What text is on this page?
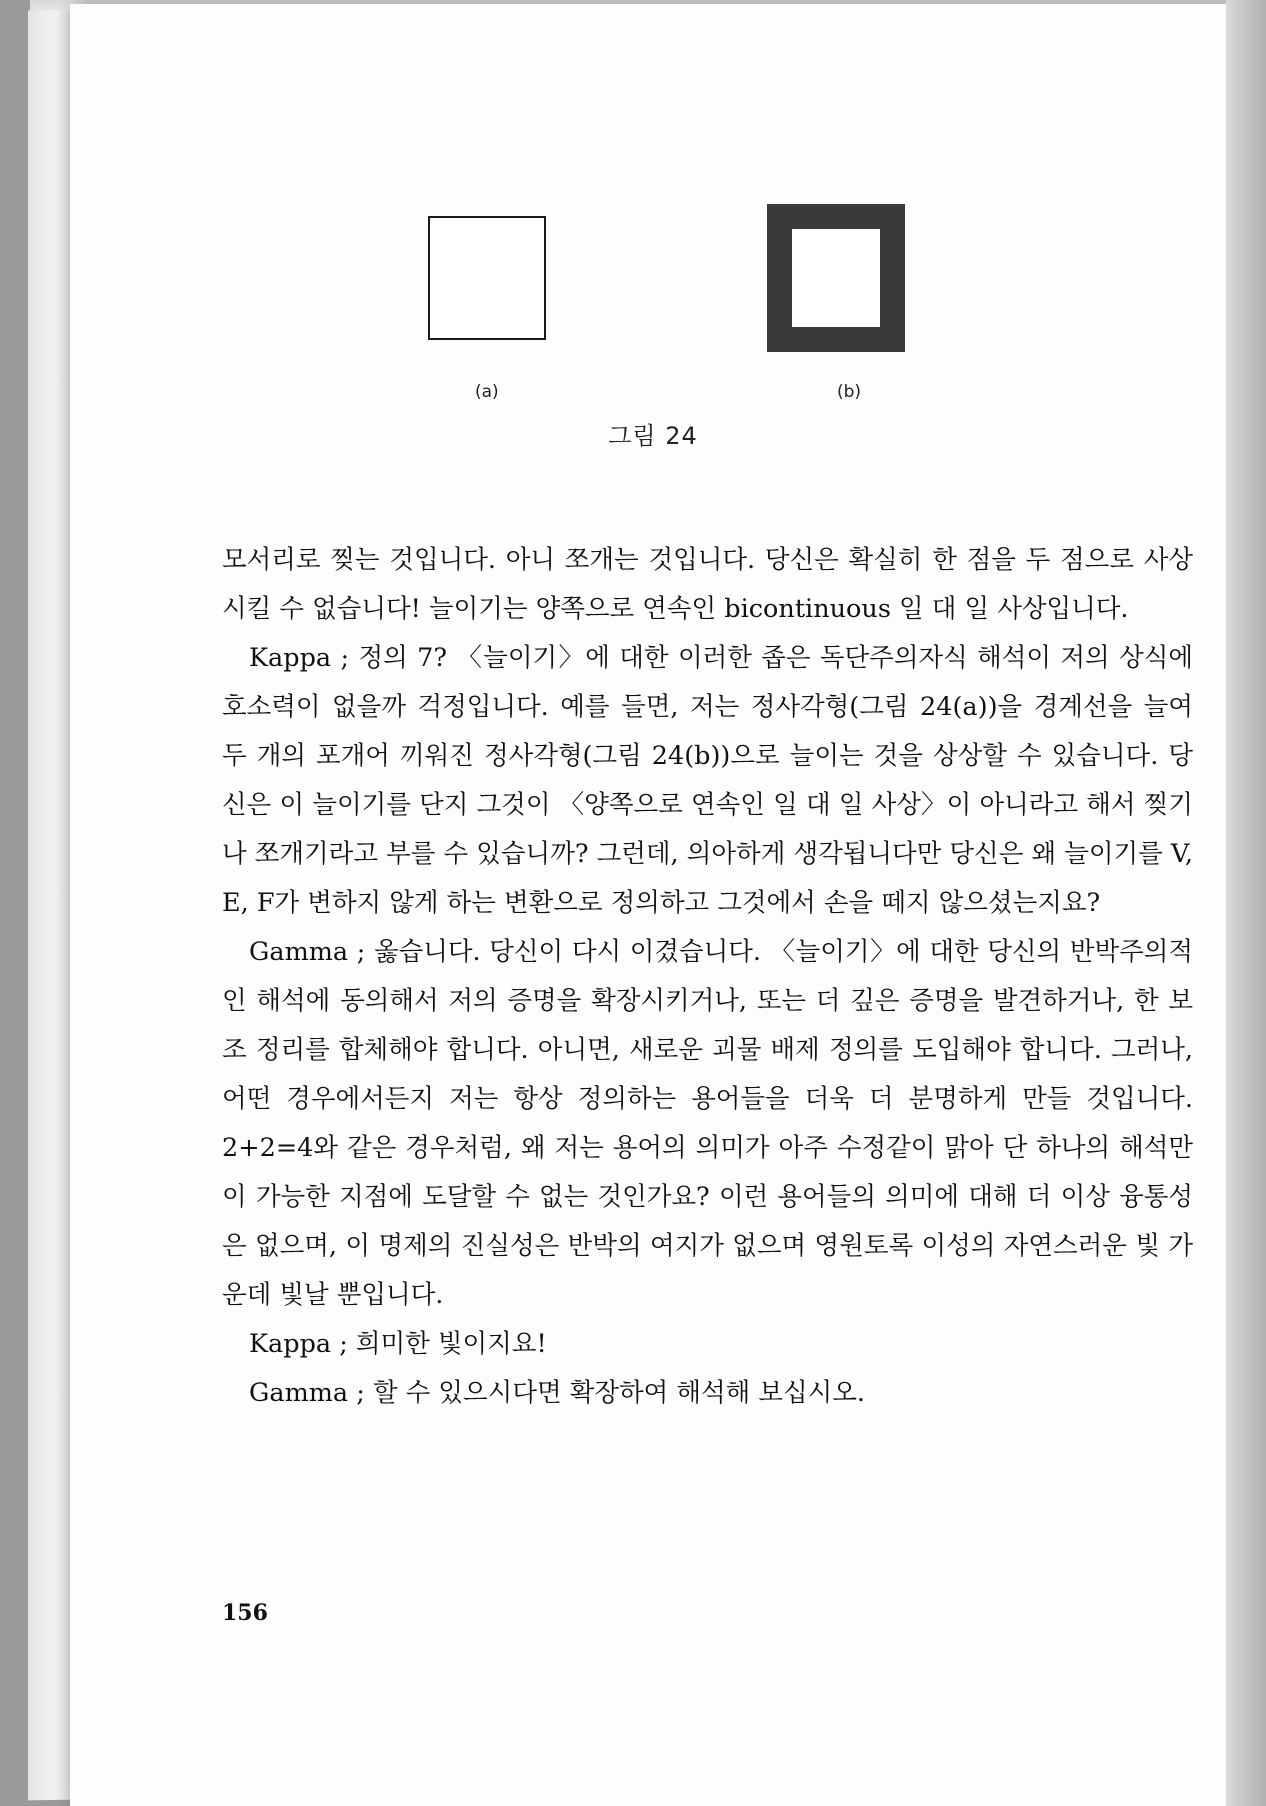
(a)	(b)
그림 24

모서리로 찢는 것입니다. 아니 쪼개는 것입니다. 당신은 확실히 한 점을 두 점으로 사상시킬 수 없습니다! 늘이기는 양쪽으로 연속인 bicontinuous 일 대 일 사상입니다.

Kappa ; 정의 7? 〈늘이기〉에 대한 이러한 좁은 독단주의자식 해석이 저의 상식에 호소력이 없을까 걱정입니다. 예를 들면, 저는 정사각형(그림 24(a))을 경계선을 늘여 두 개의 포개어 끼워진 정사각형(그림 24(b))으로 늘이는 것을 상상할 수 있습니다. 당신은 이 늘이기를 단지 그것이 〈양쪽으로 연속인 일 대 일 사상〉이 아니라고 해서 찢기나 쪼개기라고 부를 수 있습니까? 그런데, 의아하게 생각됩니다만 당신은 왜 늘이기를 V, E, F가 변하지 않게 하는 변환으로 정의하고 그것에서 손을 떼지 않으셨는지요?

Gamma ; 옳습니다. 당신이 다시 이겼습니다. 〈늘이기〉에 대한 당신의 반박주의적인 해석에 동의해서 저의 증명을 확장시키거나, 또는 더 깊은 증명을 발견하거나, 한 보조 정리를 합체해야 합니다. 아니면, 새로운 괴물 배제 정의를 도입해야 합니다. 그러나, 어떤 경우에서든지 저는 항상 정의하는 용어들을 더욱 더 분명하게 만들 것입니다. 2+2=4와 같은 경우처럼, 왜 저는 용어의 의미가 아주 수정같이 맑아 단 하나의 해석만이 가능한 지점에 도달할 수 없는 것인가요? 이런 용어들의 의미에 대해 더 이상 융통성은 없으며, 이 명제의 진실성은 반박의 여지가 없으며 영원토록 이성의 자연스러운 빛 가운데 빛날 뿐입니다.

Kappa ; 희미한 빛이지요!

Gamma ; 할 수 있으시다면 확장하여 해석해 보십시오.

156
